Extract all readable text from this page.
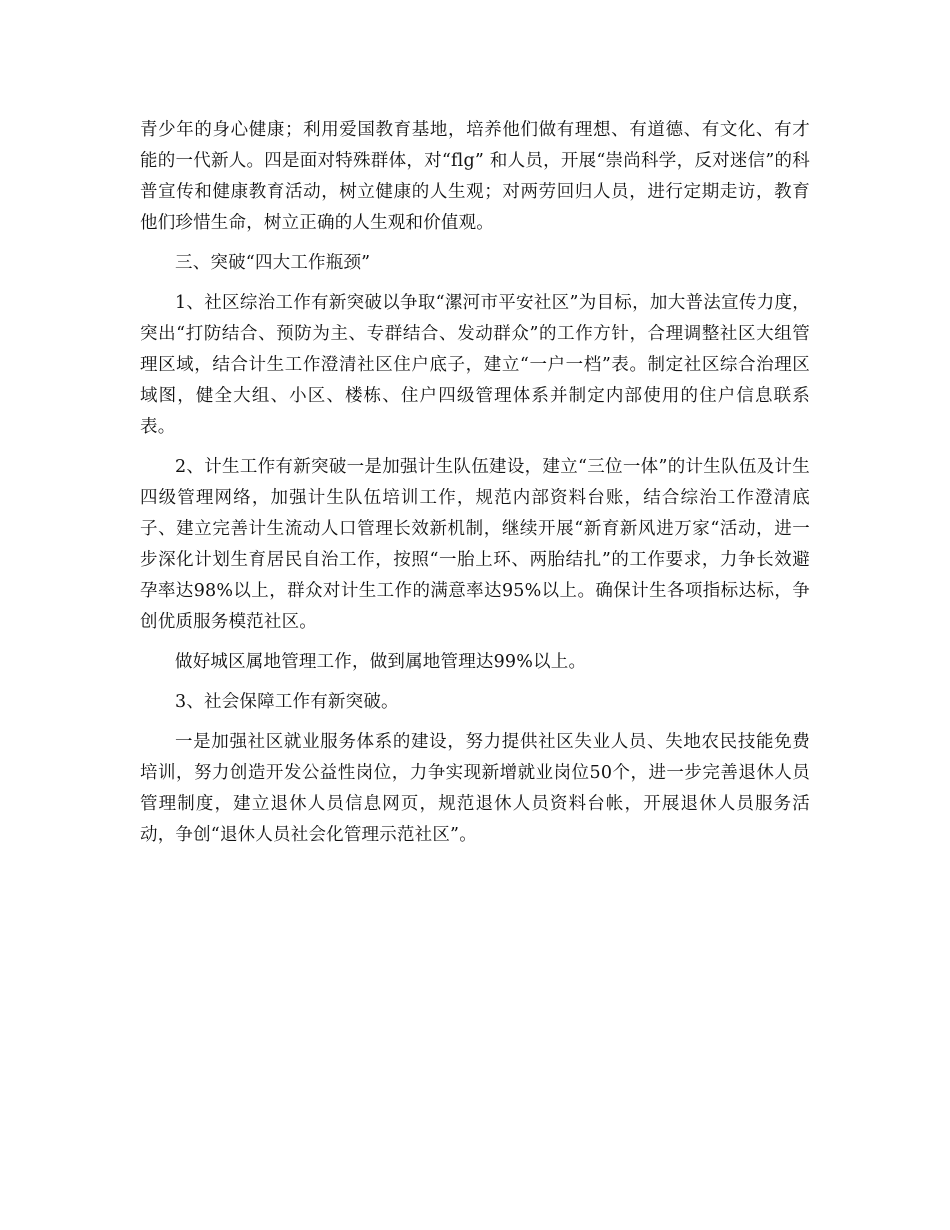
青少年的身心健康；利用爱国教育基地，培养他们做有理想、有道德、有文化、有才能的一代新人。四是面对特殊群体，对“flg” 和人员，开展“崇尚科学，反对迷信”的科普宣传和健康教育活动，树立健康的人生观；对两劳回归人员，进行定期走访，教育他们珍惜生命，树立正确的人生观和价值观。

三、突破“四大工作瓶颈”

1、社区综治工作有新突破以争取“漯河市平安社区”为目标，加大普法宣传力度，突出“打防结合、预防为主、专群结合、发动群众”的工作方针，合理调整社区大组管理区域，结合计生工作澄清社区住户底子，建立“一户一档”表。制定社区综合治理区域图，健全大组、小区、楼栋、住户四级管理体系并制定内部使用的住户信息联系表。

2、计生工作有新突破一是加强计生队伍建设，建立“三位一体”的计生队伍及计生四级管理网络，加强计生队伍培训工作，规范内部资料台账，结合综治工作澄清底子、建立完善计生流动人口管理长效新机制，继续开展“新育新风进万家“活动，进一步深化计划生育居民自治工作，按照“一胎上环、两胎结扎”的工作要求，力争长效避孕率达98%以上，群众对计生工作的满意率达95%以上。确保计生各项指标达标，争创优质服务模范社区。

做好城区属地管理工作，做到属地管理达99%以上。

3、社会保障工作有新突破。

一是加强社区就业服务体系的建设，努力提供社区失业人员、失地农民技能免费培训，努力创造开发公益性岗位，力争实现新增就业岗位50个，进一步完善退休人员管理制度，建立退休人员信息网页，规范退休人员资料台帐，开展退休人员服务活动，争创“退休人员社会化管理示范社区”。
